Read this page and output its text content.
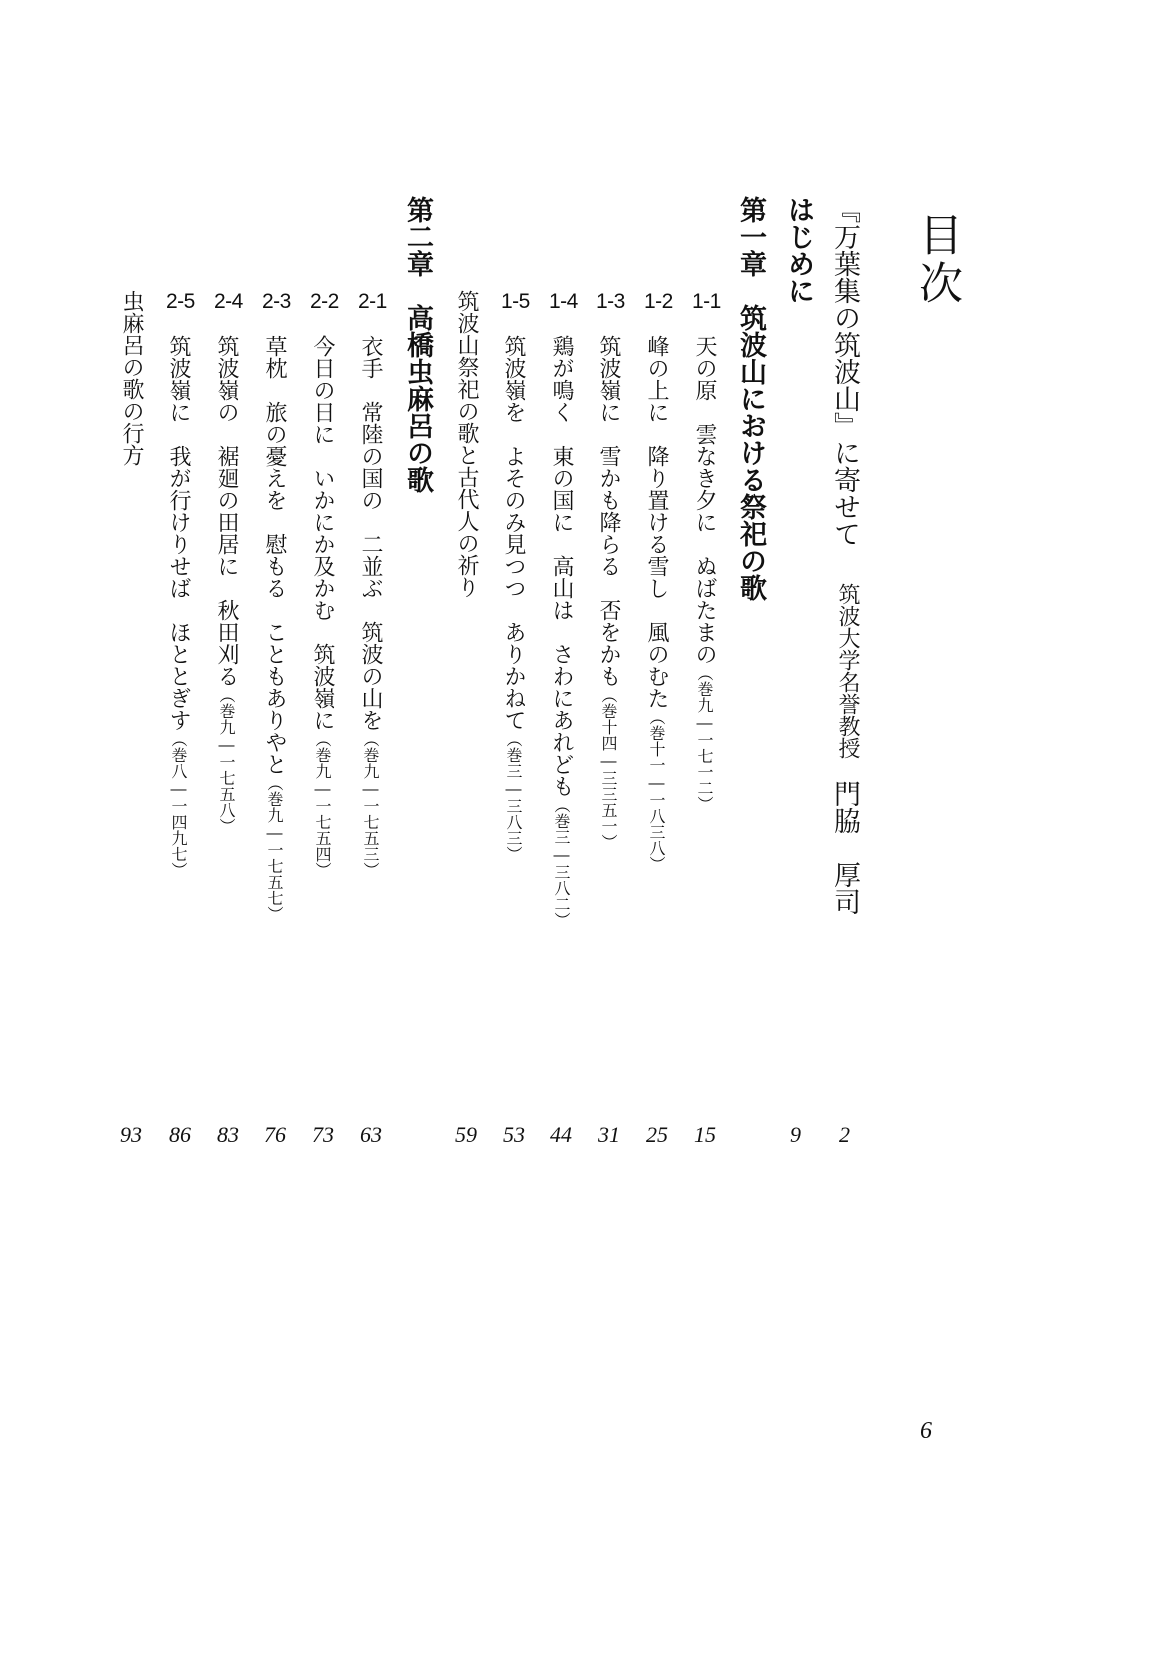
目次
『万葉集の筑波山』に寄せて
筑波大学名誉教授
門脇　厚司
2
はじめに
9
第一章　筑波山における祭祀の歌
1-1
天の原雲なき夕にぬばたまの（巻九―一七一二）
15
1-2
峰の上に降り置ける雪し風のむた（巻十一―一八三八）
25
1-3
筑波嶺に雪かも降らる否をかも（巻十四―三三五一）
31
1-4
鶏が鳴く東の国に高山はさわにあれども（巻三―三八二）
44
1-5
筑波嶺をよそのみ見つつありかねて（巻三―三八三）
53
筑波山祭祀の歌と古代人の祈り
59
第二章　高橋虫麻呂の歌
2-1
衣手常陸の国の二並ぶ筑波の山を（巻九―一七五三）
63
2-2
今日の日にいかにか及かむ筑波嶺に（巻九―一七五四）
73
2-3
草枕旅の憂えを慰もることもありやと（巻九―一七五七）
76
2-4
筑波嶺の裾廻の田居に秋田刈る（巻九―一七五八）
83
2-5
筑波嶺に我が行けりせばほととぎす（巻八―一四九七）
86
虫麻呂の歌の行方
93
6
